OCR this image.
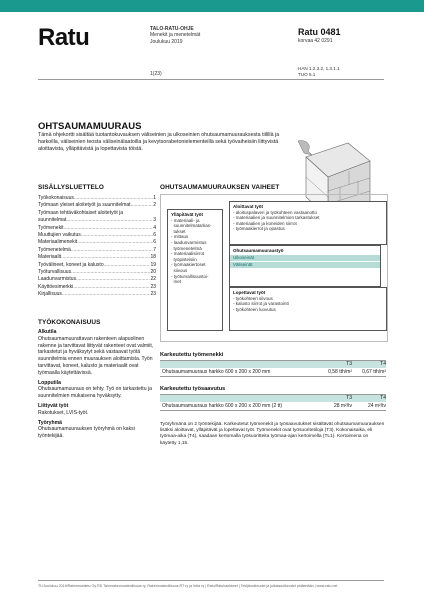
Ratu	TALO-RATU-OHJE
Menekit ja menetelmät
Joulukuu 2019
1(23)
Ratu 0481
korvaa 42 0291
HAN 1.2.3.2, 1.3.1.1
TUO 5.1
OHTSAUMAMUURAUS
Tämä ohjekortti sisältää tuotantokuvauksen väliseinien ja ulkoseinien ohutsaumamuurauksesta tiilillä ja harkoilla, väliseinien teosta väliseinälaatoilla ja kevytsorabetonielementeillä sekä työvaiheisiin liittyvistä aloittavista, ylläpitävistä ja lopettavista töistä.
SISÄLLYSLUETTELO
Työkokonaisuus .....	1
Työmaan yleiset aloitetyöt ja suunnitelmat .....	2
Työmaan tehtäväkohtaiset aloitetyöt ja
suunnitelmat .....	3
Työmenekit .....	4
Muuttujien vaikutus .....	6
Materiaalimenekit .....	6
Työmenetelmä .....	7
Materiaalit .....	18
Työvälineet, koneet ja kalusto .....	19
Työturvallisuus .....	20
Laadunvarmistus .....	22
Käyttöesimerkki .....	23
Kirjallisuus .....	23
OHUTSAUMAMUURAUKSEN VAIHEET
Ylläpitävät työt
- materiaali- ja
suunnitelmatarkas-
tukset
- mittaus
- laadunvarmistus
työmenetelmä
- materiaalisiirrot
työpisteisiin
- työmaakiertoset
siivous
- työturvallisuustoi-
met
Aloittavat työt
- aloituspalaveri ja työkohteen vastaanotto
- materiaalien ja suunnitelmien tarkastukset
- materiaalien ja koneiden siirrot
- työmaakierrot ja opastus
Ohutsaumamuuraustyö
Ulkoseinät
Väliseinät
Lopettavat työt
- työkohteen siivous
- kalusto siirrot ja varastointi
- työkohteen luovutus
TYÖKOKONAISUUS
Alkutila
Ohutsaumamuurattavan rakenteen alapuolinen rakenne ja tarvittavat liittyvät rakenteet ovat valmiit, tarkastetut ja hyväksytyt sekä vastaavat työtä suunnitelmia ennen muurauksen aloittamista. Työn tarvittavat, koneet, kalusto ja materiaalit ovat työmaalla käytettävissä.
Lopputila
Ohutsaumamuuraus on tehty. Työ on tarkastettu ja suunnitelmien mukaisena hyväksytty.
Liittyvät työt
Rakotukset, LVIS-työt.
Työryhmä
Ohutsaumamuurauksen työryhmä on kaksi työntekijää.
Karkeutettu työmenekki
T3	T4
Ohutsaumamuuraus harkko 600 x 200 x 200 mm	0,58 tth/m²	0,67 tth/m²
Karkeutettu työsaavutus
T3	T4
Ohutsaumamuuraus harkko 600 x 200 x 200 mm (2 tt)	28 m²/tv	24 m²/tv
Työryhmänä on 2 työntekijää. Karkeutetut työmenekit ja työsaavutukset sisältävät ohutsaumamuurauksen lisäksi aloittavat, ylläpitävät ja lopettavat työt. Työmenekit ovat työsuoritetiloja (T3). Kokonaisaika, eli työmaa-aika (T4), saadaan kertomalla työsuoritteita työmaa-ajan kertoimella (TL1). Kertoimena on käytetty 1,15.
TL/Joulukuu 2019/Rakennustieto Oy RD Talonrakennusteollisuus ry, Rakennusteollisuus RT ry ja Infra ry | Ratu/Ratuhankkeet | Tekijänoikeudet ja julkaisuoikeudet pidätetään | www.ratu.net
